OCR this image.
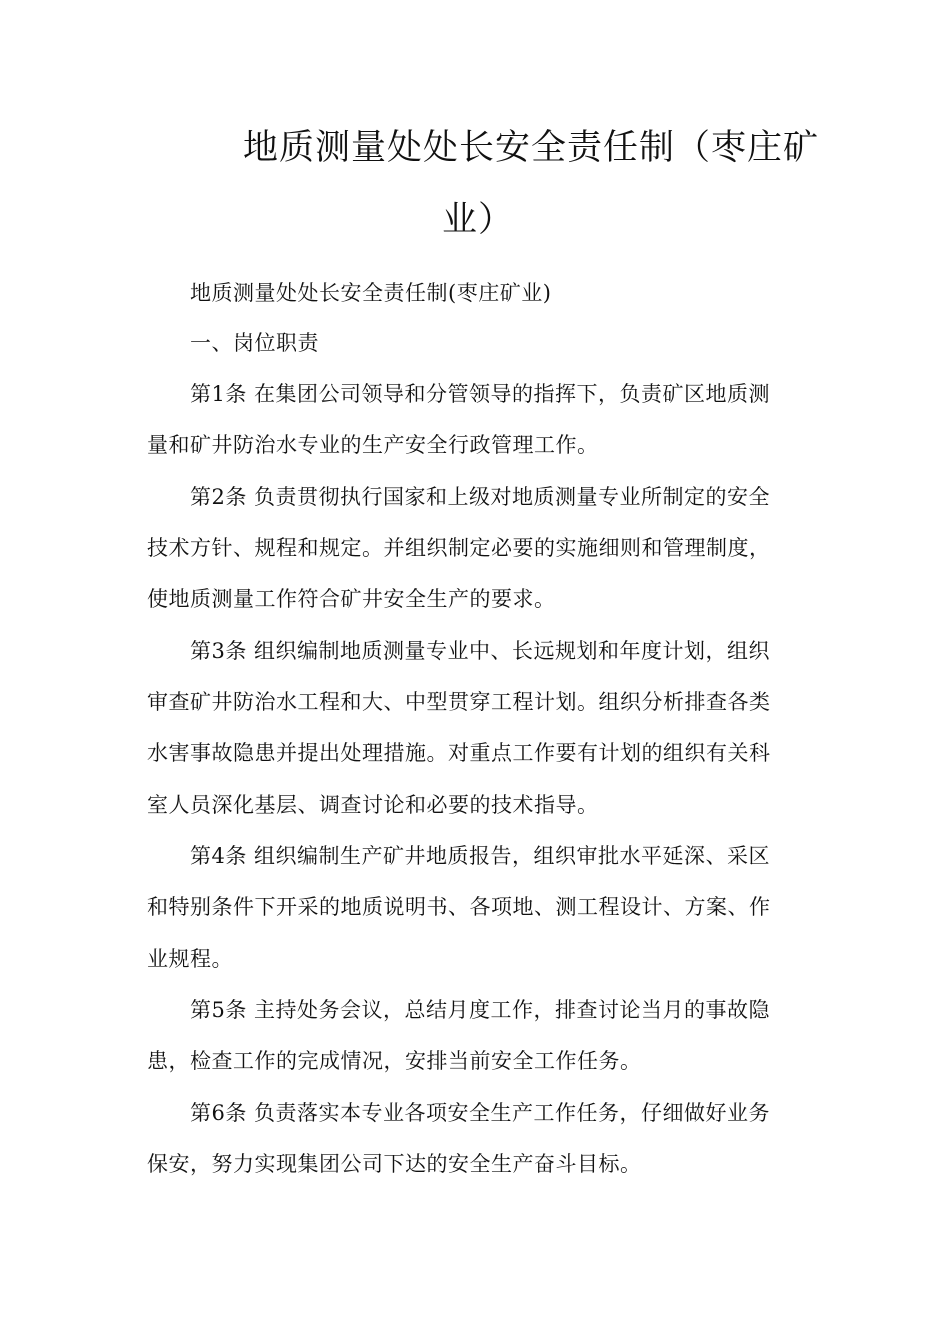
地质测量处处长安全责任制（枣庄矿
业）
地质测量处处长安全责任制(枣庄矿业)
一、岗位职责
第1条 在集团公司领导和分管领导的指挥下，负责矿区地质测
量和矿井防治水专业的生产安全行政管理工作。
第2条 负责贯彻执行国家和上级对地质测量专业所制定的安全
技术方针、规程和规定。并组织制定必要的实施细则和管理制度，
使地质测量工作符合矿井安全生产的要求。
第3条 组织编制地质测量专业中、长远规划和年度计划，组织
审查矿井防治水工程和大、中型贯穿工程计划。组织分析排查各类
水害事故隐患并提出处理措施。对重点工作要有计划的组织有关科
室人员深化基层、调查讨论和必要的技术指导。
第4条 组织编制生产矿井地质报告，组织审批水平延深、采区
和特别条件下开采的地质说明书、各项地、测工程设计、方案、作
业规程。
第5条 主持处务会议，总结月度工作，排查讨论当月的事故隐
患，检查工作的完成情况，安排当前安全工作任务。
第6条 负责落实本专业各项安全生产工作任务，仔细做好业务
保安，努力实现集团公司下达的安全生产奋斗目标。
